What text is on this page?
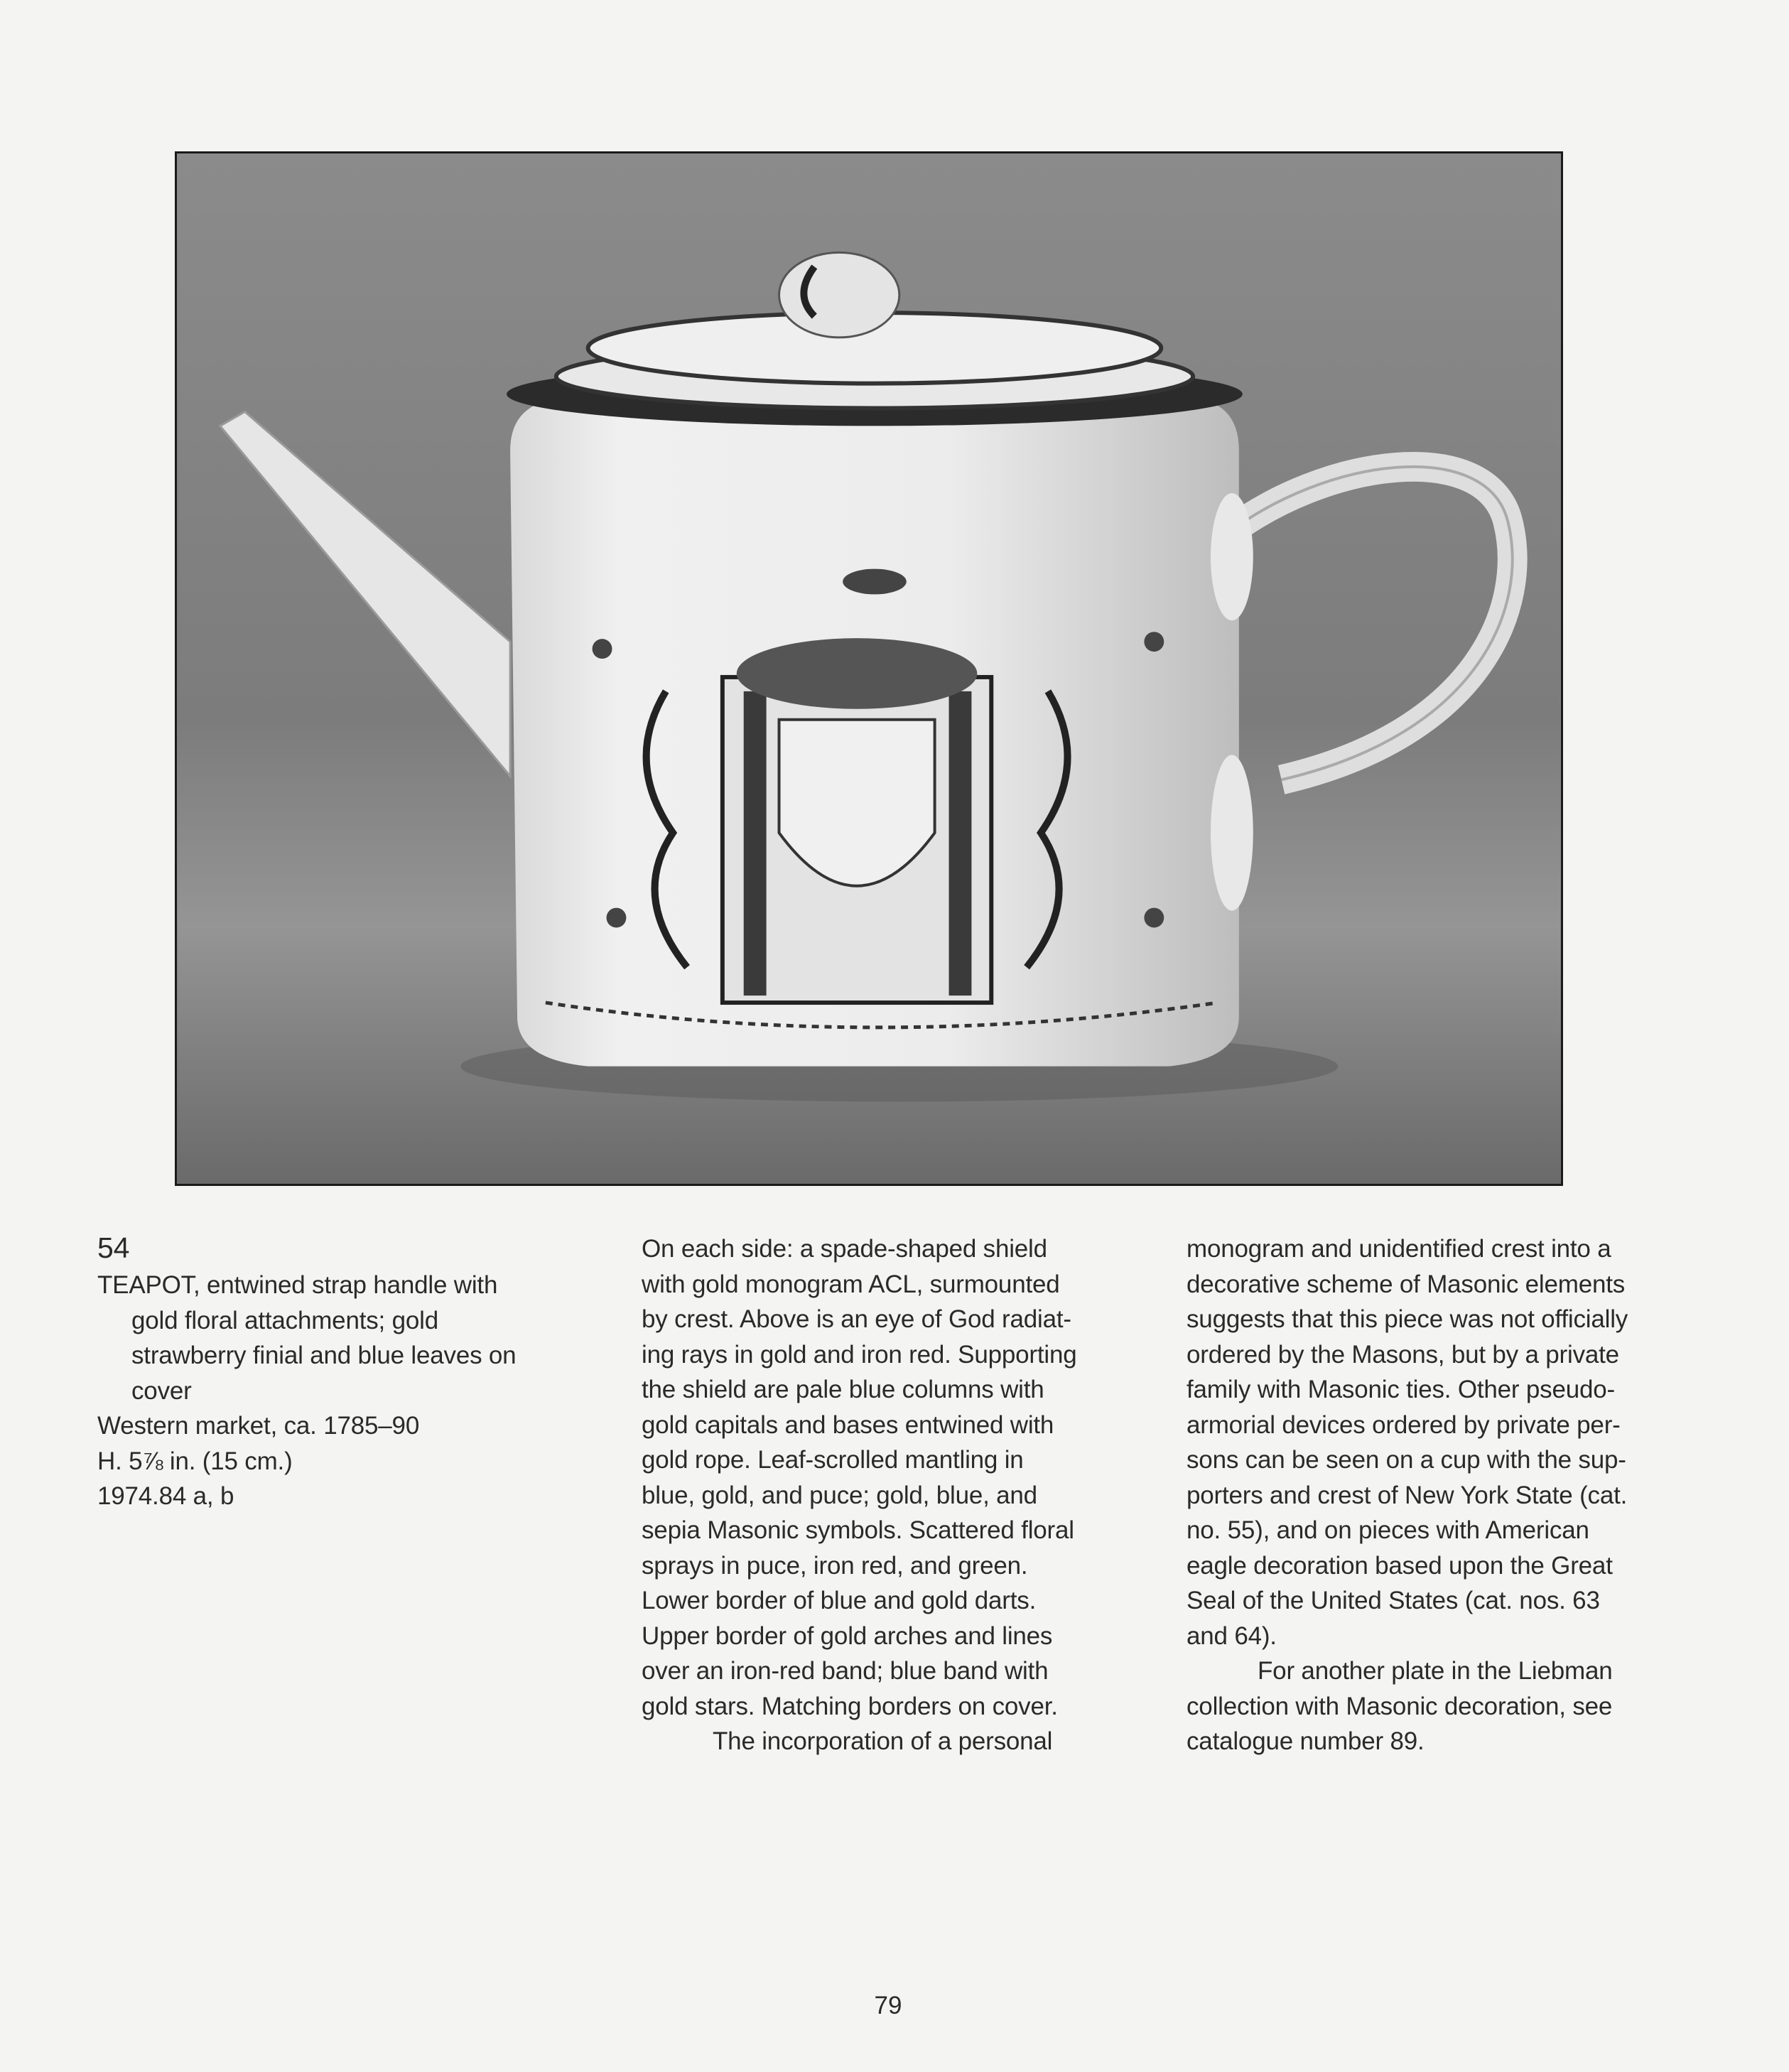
54

TEAPOT, entwined strap handle with

gold floral attachments; gold

strawberry finial and blue leaves on

cover

Western market, ca. 1785–90

H. 5⅞ in. (15 cm.)

1974.84 a, b

On each side: a spade-shaped shield

with gold monogram ACL, surmounted

by crest. Above is an eye of God radiat-

ing rays in gold and iron red. Supporting

the shield are pale blue columns with

gold capitals and bases entwined with

gold rope. Leaf-scrolled mantling in

blue, gold, and puce; gold, blue, and

sepia Masonic symbols. Scattered floral

sprays in puce, iron red, and green.

Lower border of blue and gold darts.

Upper border of gold arches and lines

over an iron-red band; blue band with

gold stars. Matching borders on cover.

The incorporation of a personal

monogram and unidentified crest into a

decorative scheme of Masonic elements

suggests that this piece was not officially

ordered by the Masons, but by a private

family with Masonic ties. Other pseudo-

armorial devices ordered by private per-

sons can be seen on a cup with the sup-

porters and crest of New York State (cat.

no. 55), and on pieces with American

eagle decoration based upon the Great

Seal of the United States (cat. nos. 63

and 64).

For another plate in the Liebman

collection with Masonic decoration, see

catalogue number 89.

79
